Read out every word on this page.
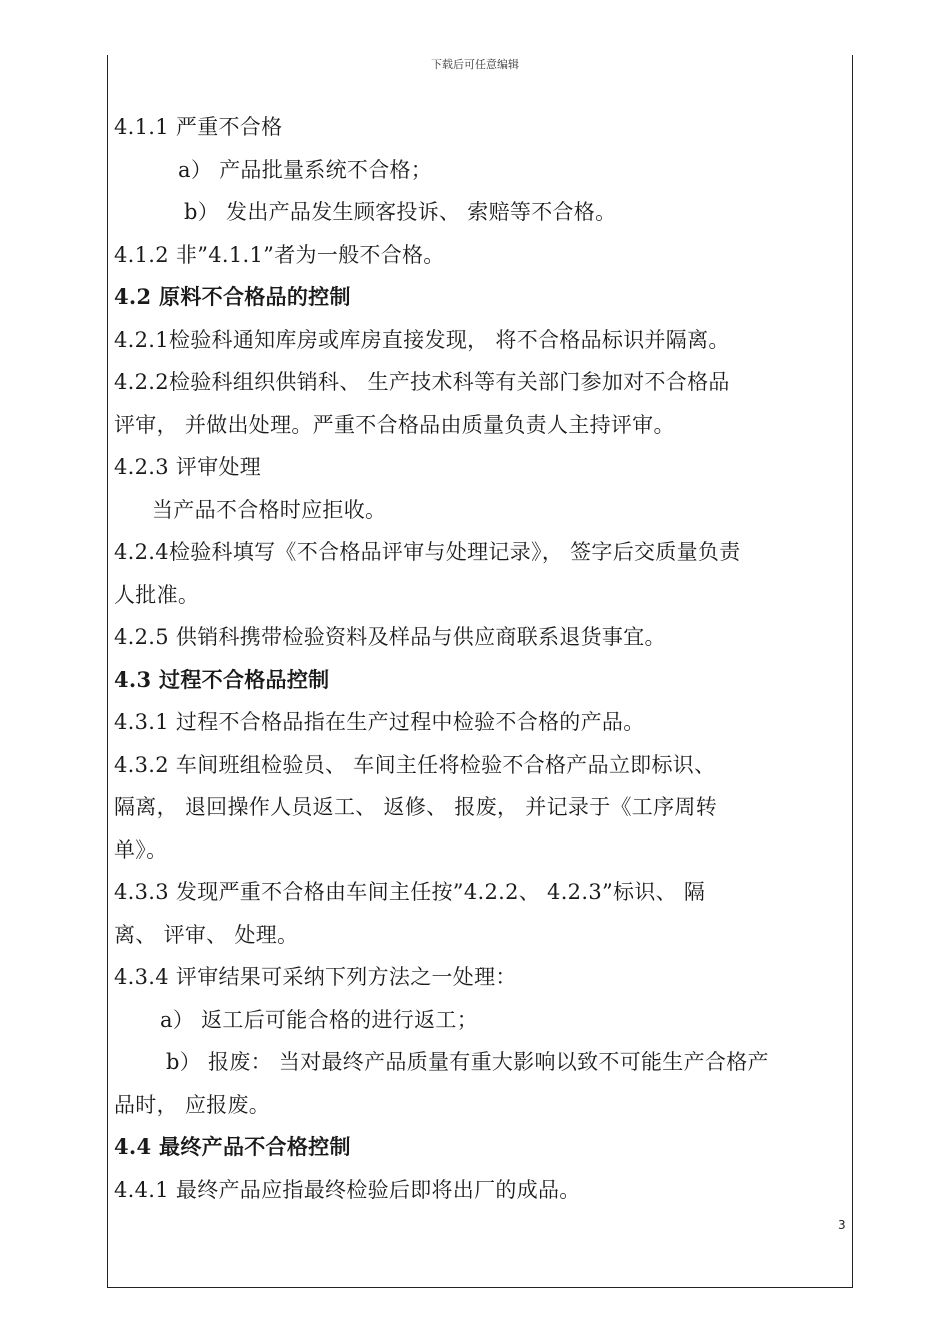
下载后可任意编辑
4.1.1 严重不合格
a） 产品批量系统不合格；
b） 发出产品发生顾客投诉、 索赔等不合格。
4.1.2 非”4.1.1”者为一般不合格。
4.2 原料不合格品的控制
4.2.1检验科通知库房或库房直接发现， 将不合格品标识并隔离。
4.2.2检验科组织供销科、 生产技术科等有关部门参加对不合格品
评审， 并做出处理。严重不合格品由质量负责人主持评审。
4.2.3 评审处理
当产品不合格时应拒收。
4.2.4检验科填写《不合格品评审与处理记录》， 签字后交质量负责
人批准。
4.2.5 供销科携带检验资料及样品与供应商联系退货事宜。
4.3 过程不合格品控制
4.3.1 过程不合格品指在生产过程中检验不合格的产品。
4.3.2 车间班组检验员、 车间主任将检验不合格产品立即标识、
隔离， 退回操作人员返工、 返修、 报废， 并记录于《工序周转
单》。
4.3.3 发现严重不合格由车间主任按”4.2.2、 4.2.3”标识、 隔
离、 评审、 处理。
4.3.4 评审结果可采纳下列方法之一处理：
a） 返工后可能合格的进行返工；
b） 报废： 当对最终产品质量有重大影响以致不可能生产合格产
品时， 应报废。
4.4 最终产品不合格控制
4.4.1 最终产品应指最终检验后即将出厂的成品。
3
